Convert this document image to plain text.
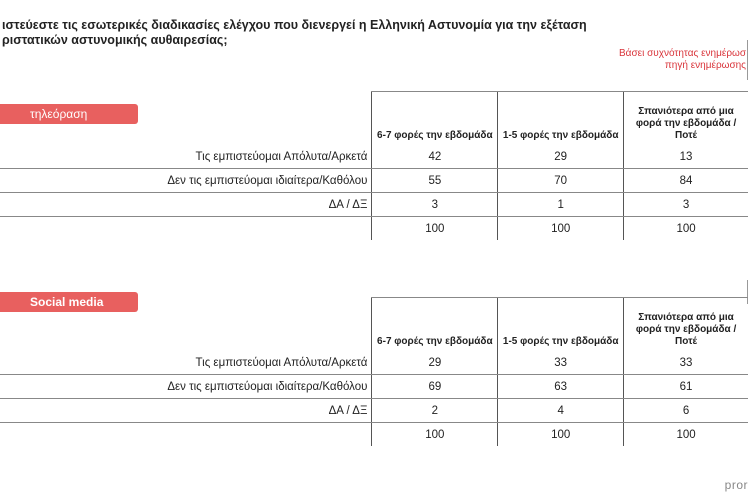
ιστεύεστε τις εσωτερικές διαδικασίες ελέγχου που διενεργεί η Ελληνική Αστυνομία για την εξέταση
ριστατικών αστυνομικής αυθαιρεσίας;
Βάσει συχνότητας ενημέρωσ
πηγή ενημέρωσης
τηλεόραση
	6-7 φορές την εβδομάδα	1-5 φορές την εβδομάδα	Σπανιότερα από μια φορά την εβδομάδα / Ποτέ
Τις εμπιστεύομαι Απόλυτα/Αρκετά	42	29	13
Δεν τις εμπιστεύομαι ιδιαίτερα/Καθόλου	55	70	84
ΔΑ / ΔΞ	3	1	3
	100	100	100
Social media
	6-7 φορές την εβδομάδα	1-5 φορές την εβδομάδα	Σπανιότερα από μια φορά την εβδομάδα / Ποτέ
Τις εμπιστεύομαι Απόλυτα/Αρκετά	29	33	33
Δεν τις εμπιστεύομαι ιδιαίτερα/Καθόλου	69	63	61
ΔΑ / ΔΞ	2	4	6
	100	100	100
pror
